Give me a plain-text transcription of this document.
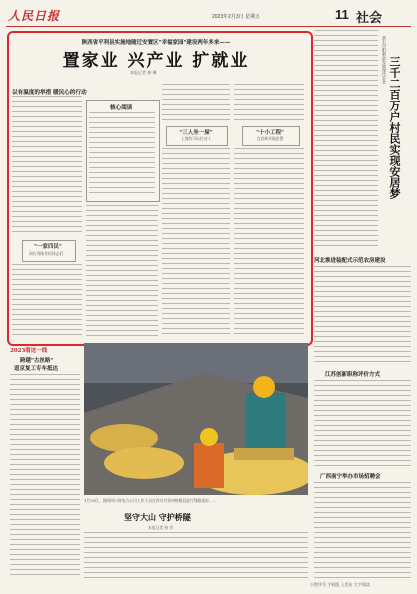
人民日报	2023年2月3日 星期五	11 社会
陕西省平利县实施地随迁安置区"幸福家园"建设两年多来——
置家业 兴产业 扩就业
本报记者 龚 琳
以有温度的举措 暖民心的行动
"一家四民"
周巧秀陈作的同志们：
核心阅读
"三人坐一屋"
上岗的可以打动人
"十小工程"
宜居新幸福安置
黄石市阳新县发展现代农业 三千二百万户村民实现安居梦
河北推进装配式示范农房建设
江苏创新职称评价方式
广西南宁举办市场招聘会
2023看这一线
跨越"古丝路"
返京复工专车抵达
1月30日，国网四川省电力公司工作人员在四川甘孜州察雅县进行线路巡检……
坚守大山 守护桥隧
本报记者 杨 翠
小程序号 手机版 上发布 大字阅读
